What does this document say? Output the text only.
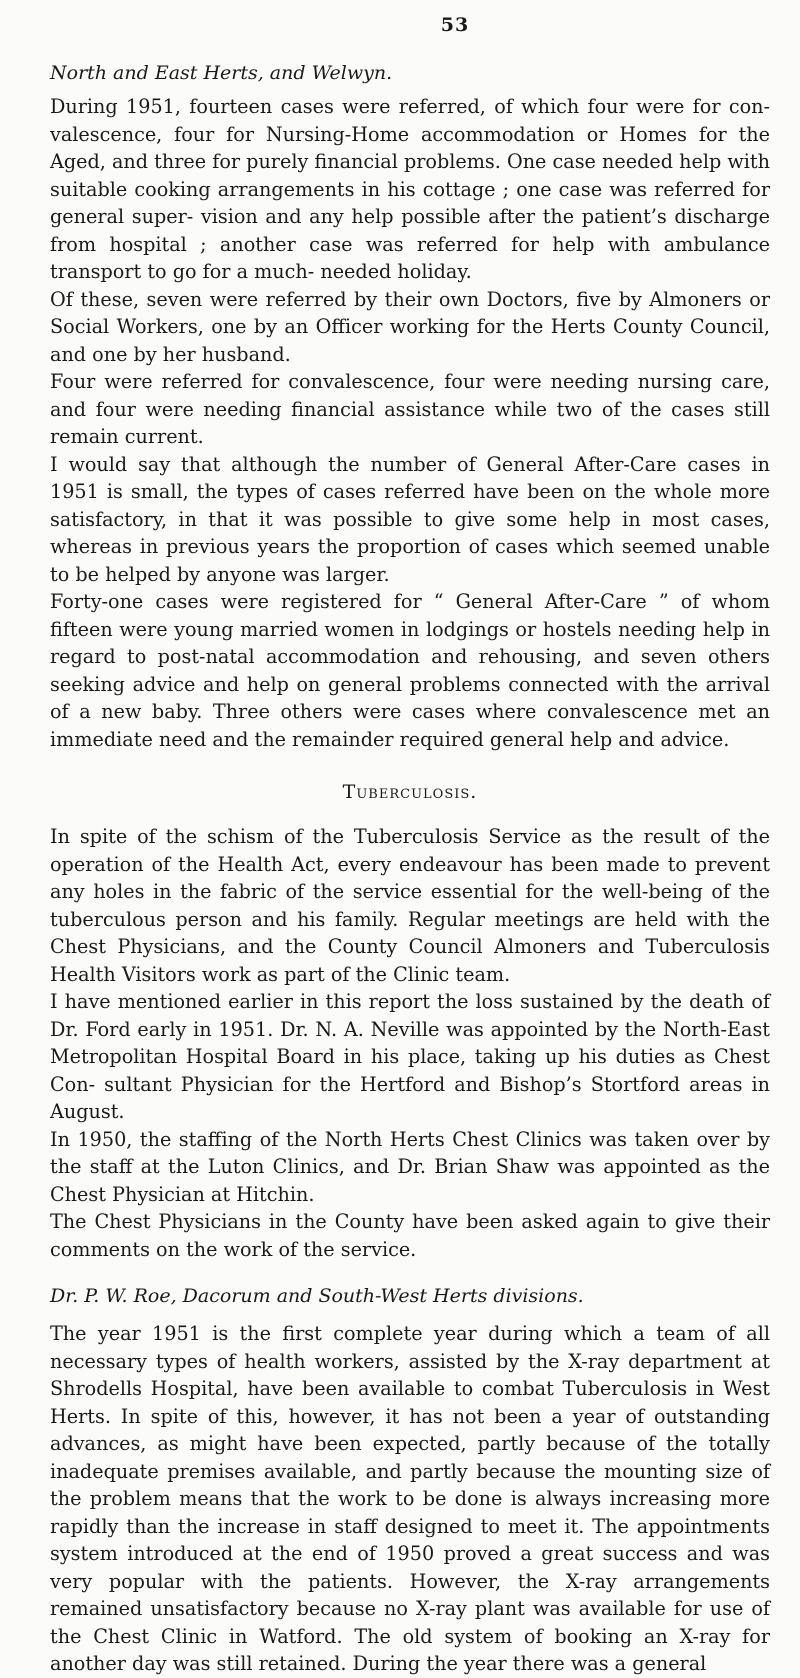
53
North and East Herts, and Welwyn.

During 1951, fourteen cases were referred, of which four were for con- valescence, four for Nursing-Home accommodation or Homes for the Aged, and three for purely financial problems. One case needed help with suitable cooking arrangements in his cottage ; one case was referred for general super- vision and any help possible after the patient’s discharge from hospital ; another case was referred for help with ambulance transport to go for a much- needed holiday.

Of these, seven were referred by their own Doctors, five by Almoners or Social Workers, one by an Officer working for the Herts County Council, and one by her husband.

Four were referred for convalescence, four were needing nursing care, and four were needing financial assistance while two of the cases still remain current.

I would say that although the number of General After-Care cases in 1951 is small, the types of cases referred have been on the whole more satisfactory, in that it was possible to give some help in most cases, whereas in previous years the proportion of cases which seemed unable to be helped by anyone was larger.

Forty-one cases were registered for “ General After-Care ” of whom fifteen were young married women in lodgings or hostels needing help in regard to post-natal accommodation and rehousing, and seven others seeking advice and help on general problems connected with the arrival of a new baby. Three others were cases where convalescence met an immediate need and the remainder required general help and advice.

Tuberculosis.

In spite of the schism of the Tuberculosis Service as the result of the operation of the Health Act, every endeavour has been made to prevent any holes in the fabric of the service essential for the well-being of the tuberculous person and his family. Regular meetings are held with the Chest Physicians, and the County Council Almoners and Tuberculosis Health Visitors work as part of the Clinic team.

I have mentioned earlier in this report the loss sustained by the death of Dr. Ford early in 1951. Dr. N. A. Neville was appointed by the North-East Metropolitan Hospital Board in his place, taking up his duties as Chest Con- sultant Physician for the Hertford and Bishop’s Stortford areas in August.

In 1950, the staffing of the North Herts Chest Clinics was taken over by the staff at the Luton Clinics, and Dr. Brian Shaw was appointed as the Chest Physician at Hitchin.

The Chest Physicians in the County have been asked again to give their comments on the work of the service.

Dr. P. W. Roe, Dacorum and South-West Herts divisions.

The year 1951 is the first complete year during which a team of all necessary types of health workers, assisted by the X-ray department at Shrodells Hospital, have been available to combat Tuberculosis in West Herts. In spite of this, however, it has not been a year of outstanding advances, as might have been expected, partly because of the totally inadequate premises available, and partly because the mounting size of the problem means that the work to be done is always increasing more rapidly than the increase in staff designed to meet it. The appointments system introduced at the end of 1950 proved a great success and was very popular with the patients. However, the X-ray arrangements remained unsatisfactory because no X-ray plant was available for use of the Chest Clinic in Watford. The old system of booking an X-ray for another day was still retained. During the year there was a general
